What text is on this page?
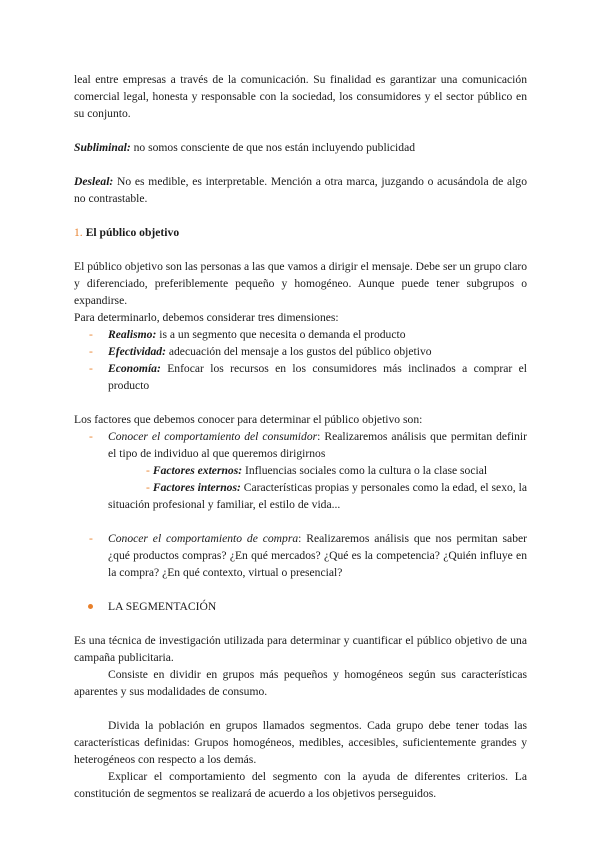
leal entre empresas a través de la comunicación. Su finalidad es garantizar una comunicación comercial legal, honesta y responsable con la sociedad, los consumidores y el sector público en su conjunto.

Subliminal: no somos consciente de que nos están incluyendo publicidad

Desleal: No es medible, es interpretable. Mención a otra marca, juzgando o acusándola de algo no contrastable.

1. El público objetivo

El público objetivo son las personas a las que vamos a dirigir el mensaje. Debe ser un grupo claro y diferenciado, preferiblemente pequeño y homogéneo. Aunque puede tener subgrupos o expandirse.

Para determinarlo, debemos considerar tres dimensiones:

- Realismo: is a un segmento que necesita o demanda el producto
- Efectividad: adecuación del mensaje a los gustos del público objetivo
- Economía: Enfocar los recursos en los consumidores más inclinados a comprar el producto

Los factores que debemos conocer para determinar el público objetivo son:

- Conocer el comportamiento del consumidor: Realizaremos análisis que permitan definir el tipo de individuo al que queremos dirigirnos

- Factores externos: Influencias sociales como la cultura o la clase social

- Factores internos: Características propias y personales como la edad, el sexo, la situación profesional y familiar, el estilo de vida...

- Conocer el comportamiento de compra: Realizaremos análisis que nos permitan saber ¿qué productos compras? ¿En qué mercados? ¿Qué es la competencia? ¿Quién influye en la compra? ¿En qué contexto, virtual o presencial?

LA SEGMENTACIÓN

Es una técnica de investigación utilizada para determinar y cuantificar el público objetivo de una campaña publicitaria.

Consiste en dividir en grupos más pequeños y homogéneos según sus características aparentes y sus modalidades de consumo.

Divida la población en grupos llamados segmentos. Cada grupo debe tener todas las características definidas: Grupos homogéneos, medibles, accesibles, suficientemente grandes y heterogéneos con respecto a los demás.

Explicar el comportamiento del segmento con la ayuda de diferentes criterios. La constitución de segmentos se realizará de acuerdo a los objetivos perseguidos.
